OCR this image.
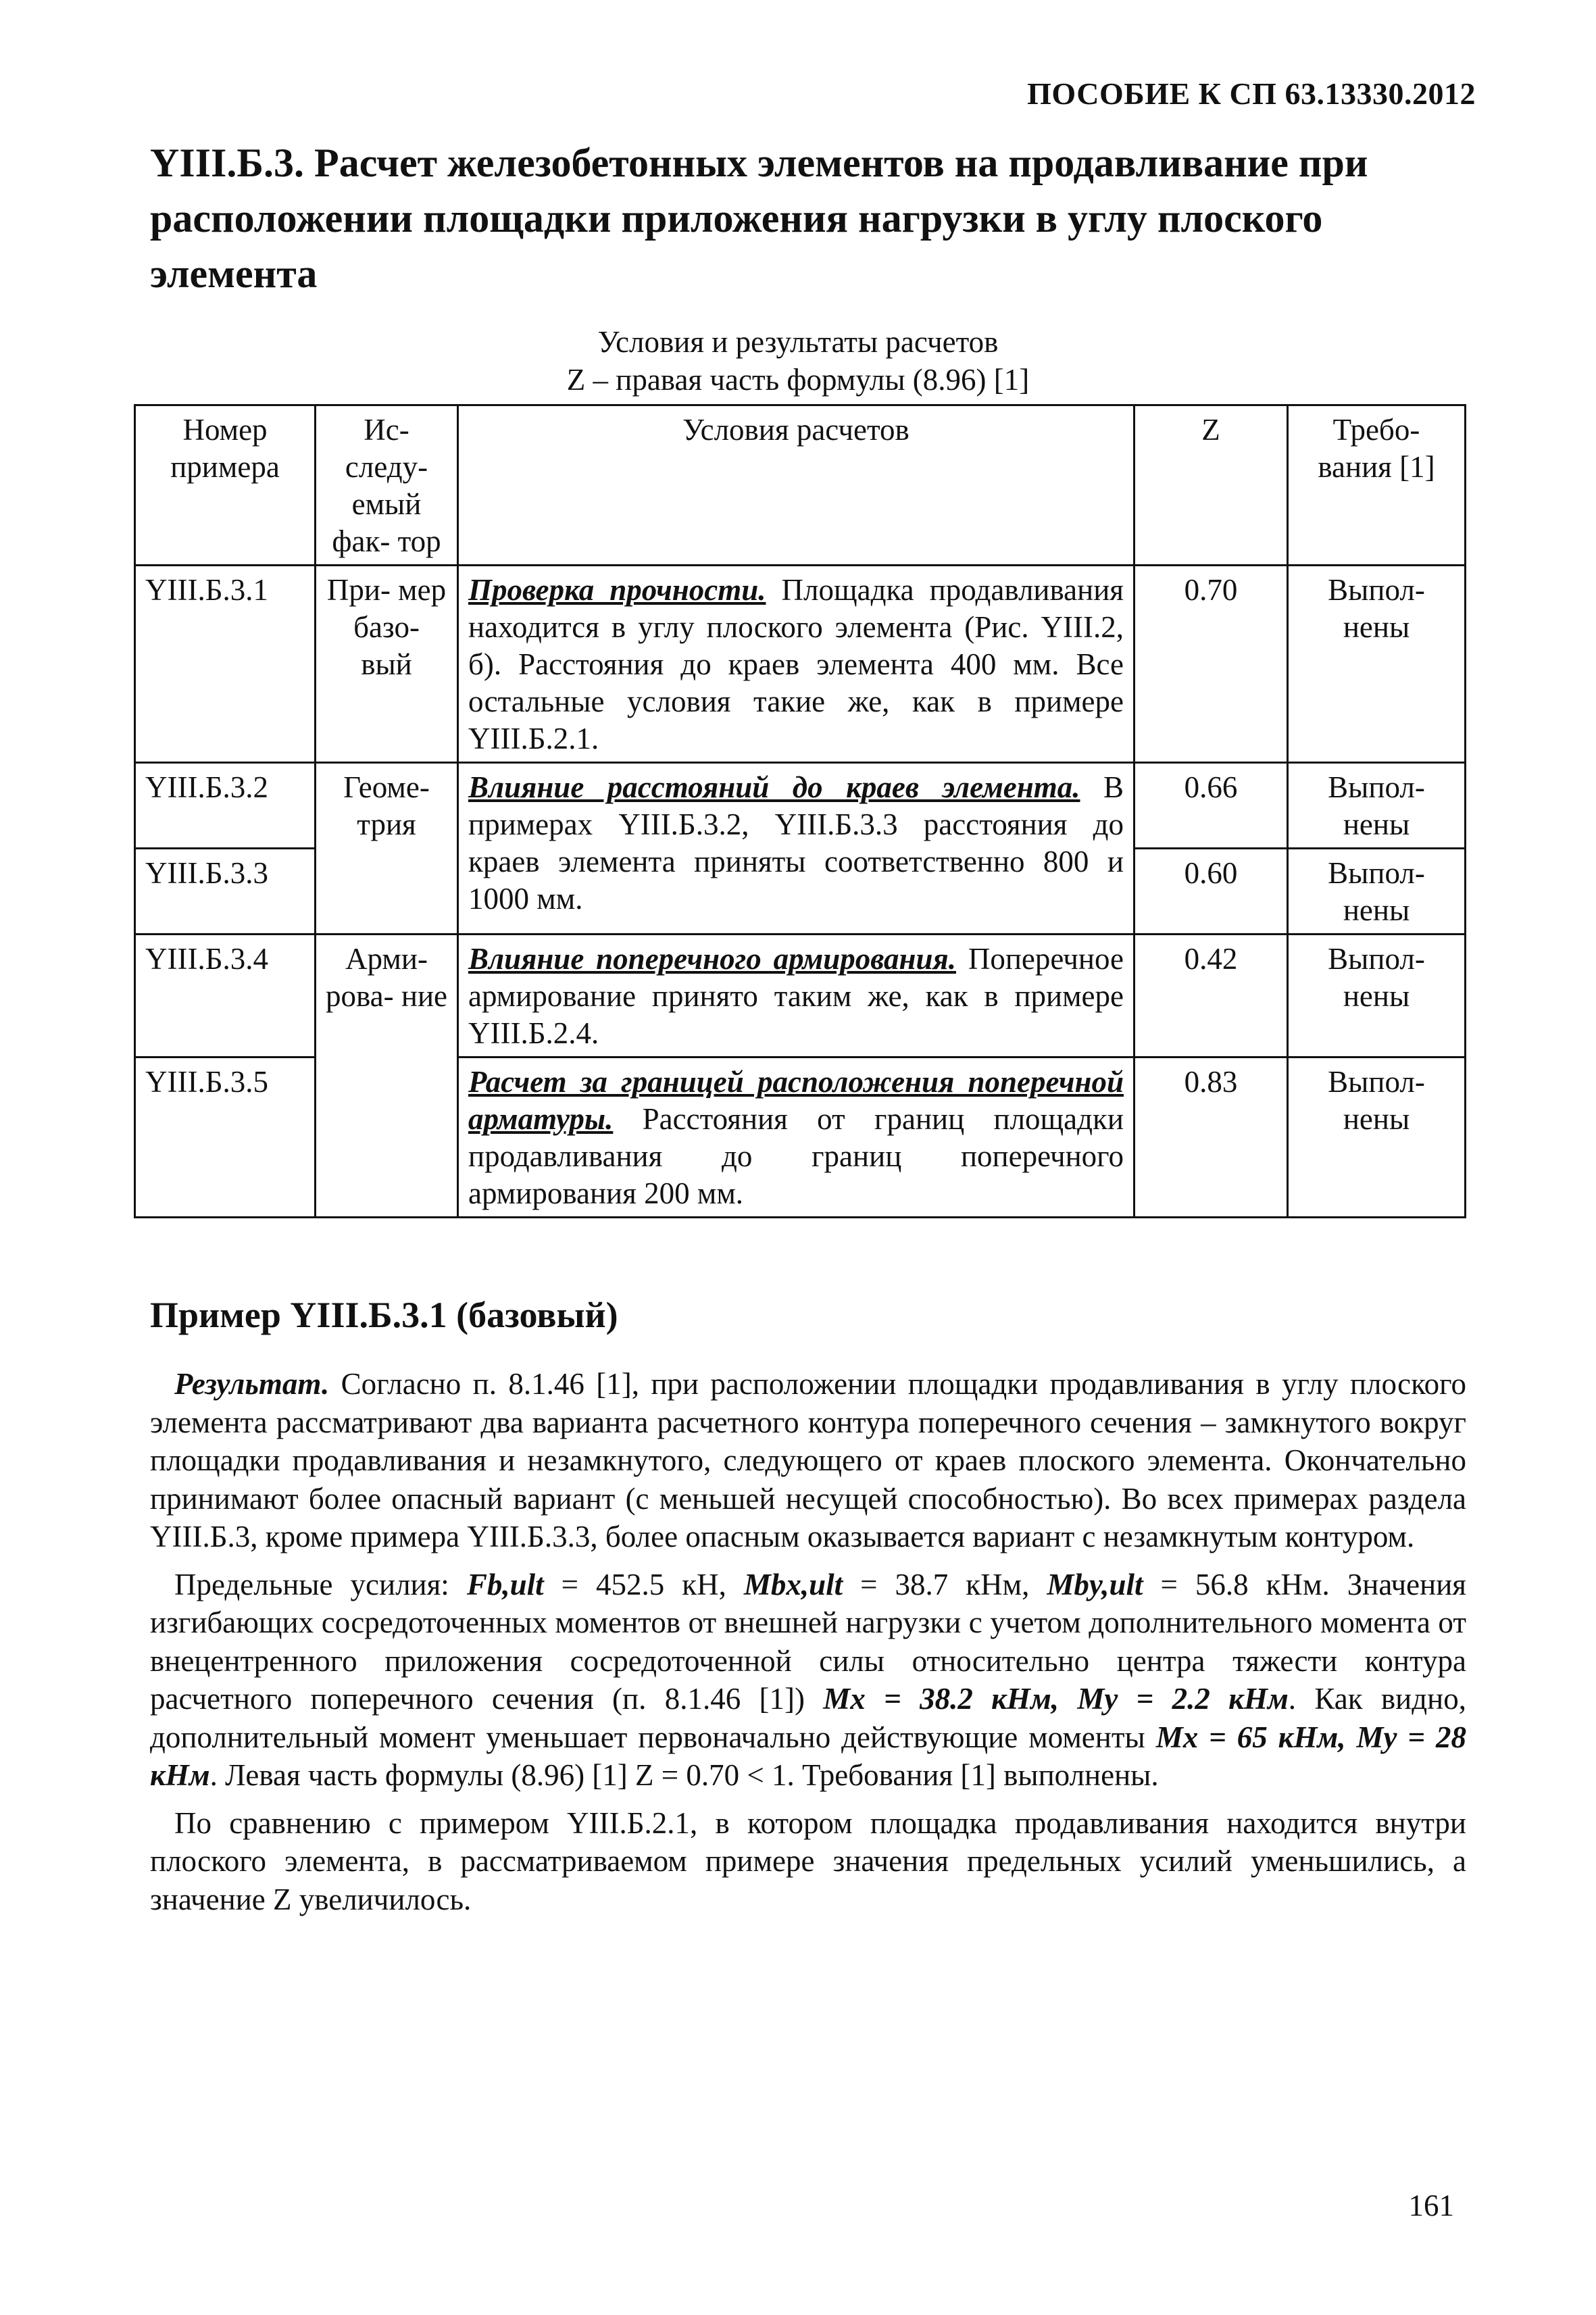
ПОСОБИЕ К СП 63.13330.2012
YIII.Б.3. Расчет железобетонных элементов на продавливание при расположении площадки приложения нагрузки в углу плоского элемента
Условия и результаты расчетов
Z – правая часть формулы (8.96) [1]
Номер примера	Ис- следу- емый фак- тор	Условия расчетов	Z	Требо- вания [1]
YIII.Б.3.1	При- мер базо- вый	Проверка прочности. Площадка продавливания находится в углу плоского элемента (Рис. YIII.2, б). Расстояния до краев элемента 400 мм. Все остальные условия такие же, как в примере YIII.Б.2.1.	0.70	Выпол- нены
YIII.Б.3.2	Геоме- трия	Влияние расстояний до краев элемента. В примерах YIII.Б.3.2, YIII.Б.3.3 расстояния до краев элемента приняты соответственно 800 и 1000 мм.	0.66	Выпол- нены
YIII.Б.3.3			0.60	Выпол- нены
YIII.Б.3.4	Арми- рова- ние	Влияние поперечного армирования. Поперечное армирование принято таким же, как в примере YIII.Б.2.4.	0.42	Выпол- нены
YIII.Б.3.5		Расчет за границей расположения поперечной арматуры. Расстояния от границ площадки продавливания до границ поперечного армирования 200 мм.	0.83	Выпол- нены
Пример YIII.Б.3.1 (базовый)

Результат. Согласно п. 8.1.46 [1], при расположении площадки продавливания в углу плоского элемента рассматривают два варианта расчетного контура поперечного сечения – замкнутого вокруг площадки продавливания и незамкнутого, следующего от краев плоского элемента. Окончательно принимают более опасный вариант (с меньшей несущей способностью). Во всех примерах раздела YIII.Б.3, кроме примера YIII.Б.3.3, более опасным оказывается вариант с незамкнутым контуром.

Предельные усилия: Fb,ult = 452.5 кН, Mbx,ult = 38.7 кНм, Mby,ult = 56.8 кНм. Значения изгибающих сосредоточенных моментов от внешней нагрузки с учетом дополнительного момента от внецентренного приложения сосредоточенной силы относительно центра тяжести контура расчетного поперечного сечения (п. 8.1.46 [1]) Mx = 38.2 кНм, My = 2.2 кНм. Как видно, дополнительный момент уменьшает первоначально действующие моменты Mx = 65 кНм, My = 28 кНм. Левая часть формулы (8.96) [1] Z = 0.70 < 1. Требования [1] выполнены.

По сравнению с примером YIII.Б.2.1, в котором площадка продавливания находится внутри плоского элемента, в рассматриваемом примере значения предельных усилий уменьшились, а значение Z увеличилось.

161
